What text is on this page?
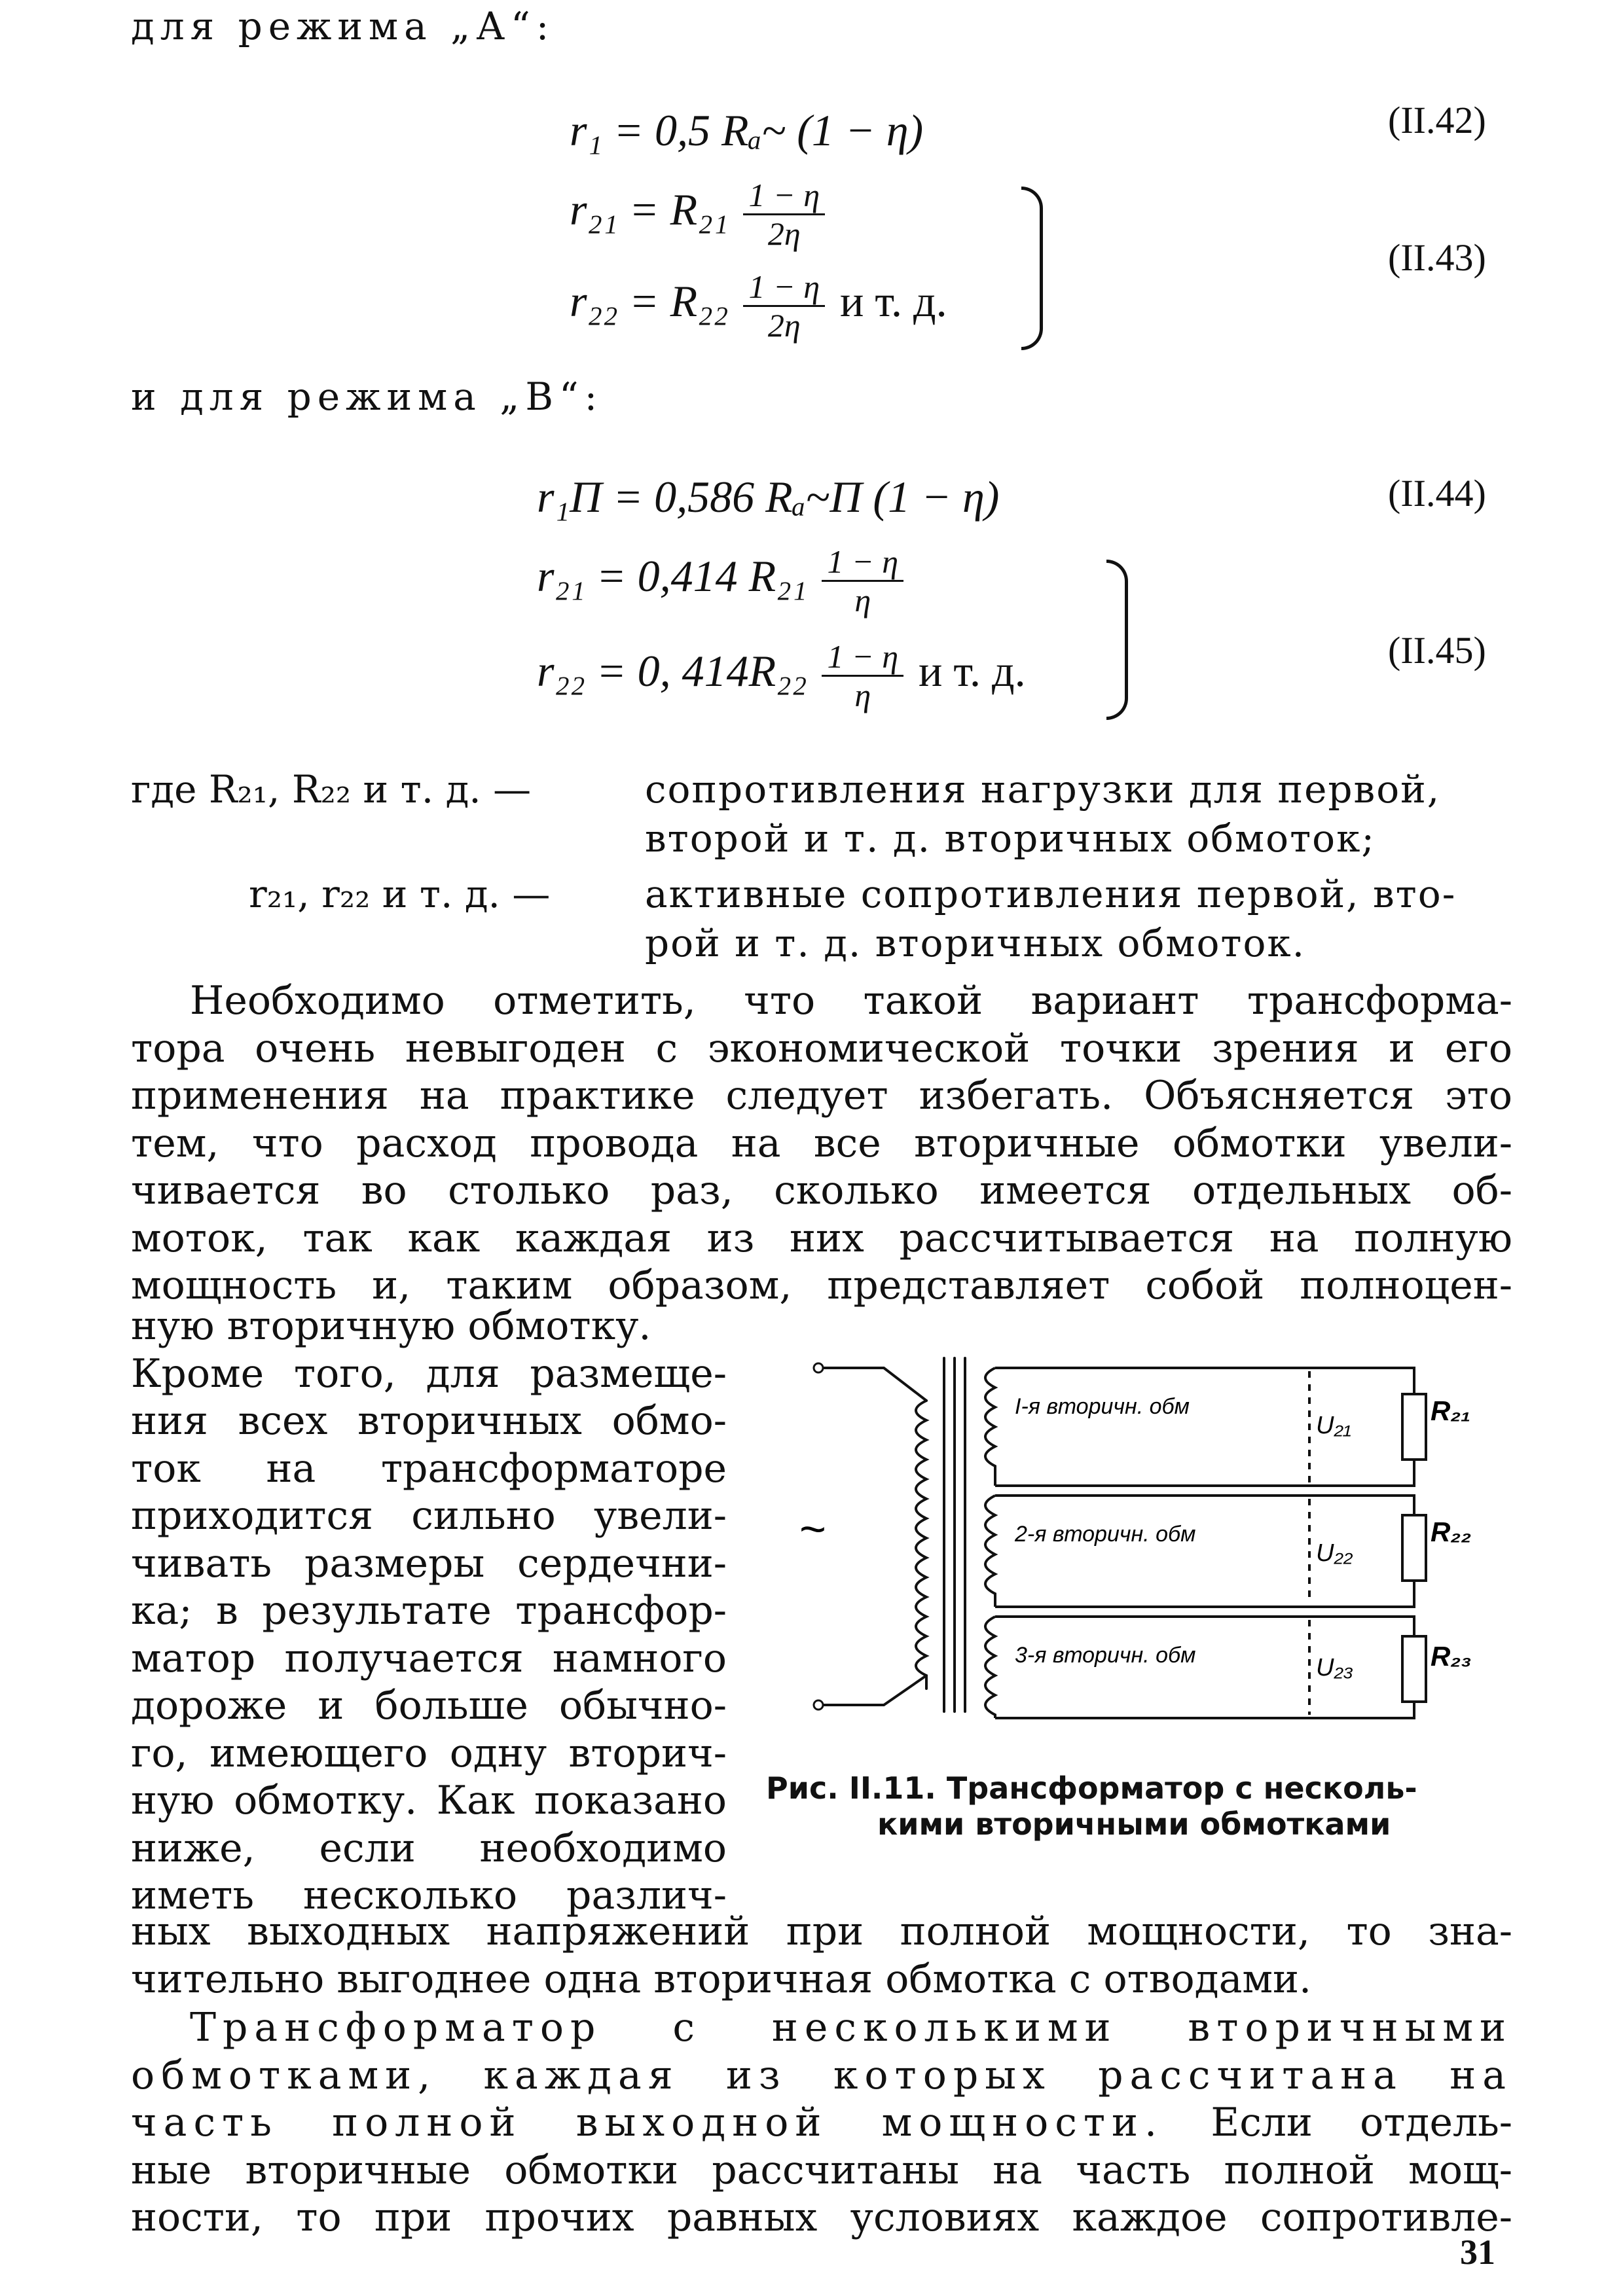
для режима „А“:
r₁ = 0,5 Rₐ~ (1 − η)	(II.42)
$r_{21} = R_{21} \frac{1 - \eta}{2\eta}$
$r_{22} = R_{22} \frac{1 - \eta}{2\eta}$ и т. д.
(II.43)
и для режима „В“:
r₁П = 0,586 Rₐ~П (1 − η)	(II.44)
r₂₁ = 0,414 $R_{21} \frac{1 - \eta}{\eta}$
r₂₂ = 0, $414R_{22} \frac{1 - \eta}{\eta}$ и т. д.	(II.45)
где R₂₁, R₂₂ и т. д. —	сопротивления нагрузки для первой,
второй и т. д. вторичных обмоток;
r₂₁, r₂₂ и т. д. — активные сопротивления первой, вто-
рой и т. д. вторичных обмоток.
Необходимо отметить, что такой вариант трансформа-
тора очень невыгоден с экономической точки зрения и его
применения на практике следует избегать. Объясняется это
тем, что расход провода на все вторичные обмотки увели-
чивается во столько раз, сколько имеется отдельных об-
моток, так как каждая из них рассчитывается на полную
мощность и, таким образом, представляет собой полноцен-
ную вторичную обмотку.
Кроме того, для размеще-
ния всех вторичных обмо-
ток на трансформаторе
приходится сильно увели-
чивать размеры сердечни-
ка; в результате трансфор-
матор получается намного
дороже и больше обычно-
го, имеющего одну вторич-
ную обмотку. Как показано
ниже, если необходимо
иметь несколько различ-
~
I-я вторичн. обм
U₂₁	R₂₁
2-я вторичн. обм
U₂₂
R₂₂
3-я вторичн. обм	U₂₃	R₂₃
Рис. II.11. Трансформатор с несколь-
кими вторичными обмотками
ных выходных напряжений при полной мощности, то зна-
чительно выгоднее одна вторичная обмотка с отводами.
Трансформатор с несколькими вторичными
обмотками, каждая из которых рассчитана на
часть полной выходной мощности. Если отдель-
ные вторичные обмотки рассчитаны на часть полной мощ-
ности, то при прочих равных условиях каждое сопротивле-
31
